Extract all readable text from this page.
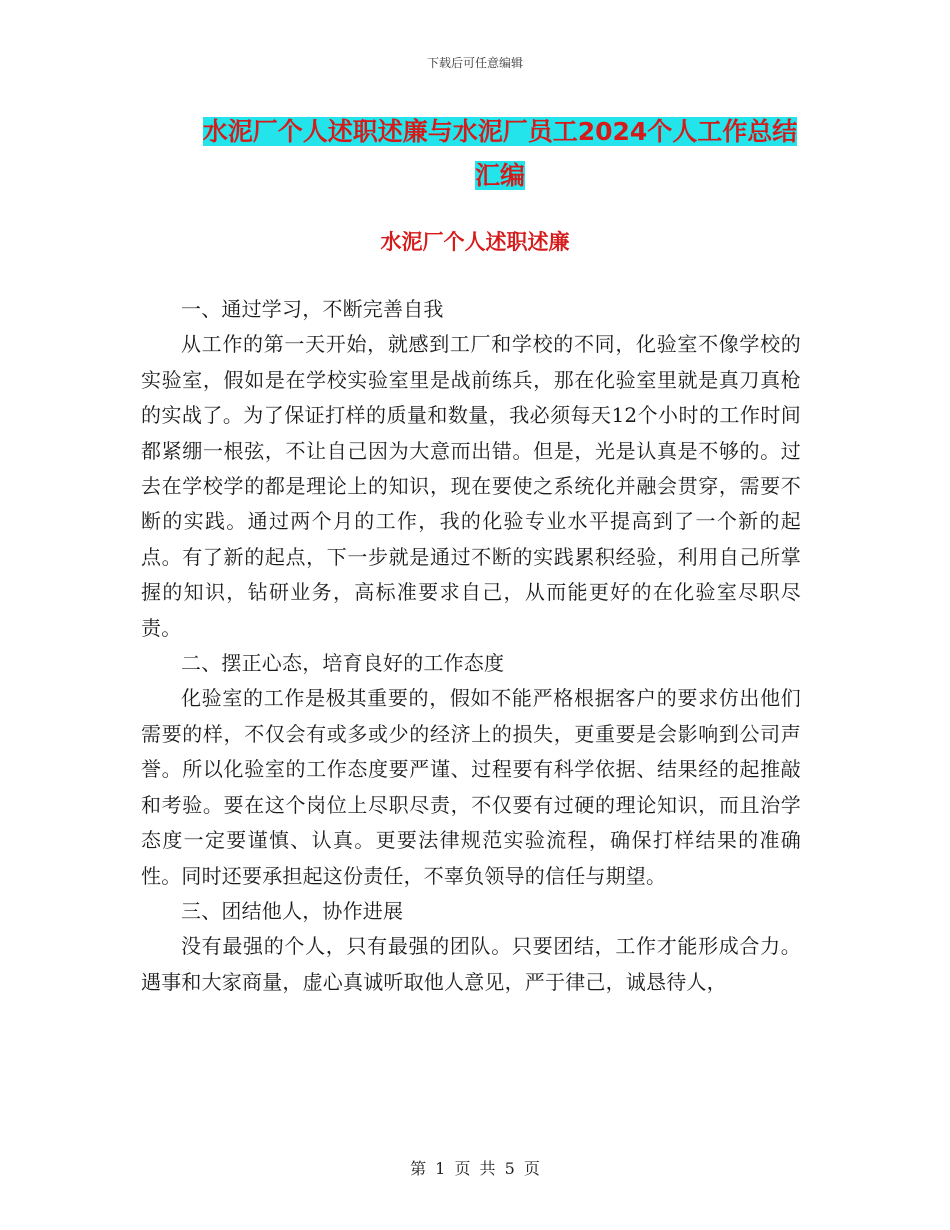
下载后可任意编辑
水泥厂个人述职述廉与水泥厂员工2024个人工作总结
汇编
水泥厂个人述职述廉

一、通过学习，不断完善自我

从工作的第一天开始，就感到工厂和学校的不同，化验室不像学校的实验室，假如是在学校实验室里是战前练兵，那在化验室里就是真刀真枪的实战了。为了保证打样的质量和数量，我必须每天12个小时的工作时间都紧绷一根弦，不让自己因为大意而出错。但是，光是认真是不够的。过去在学校学的都是理论上的知识，现在要使之系统化并融会贯穿，需要不断的实践。通过两个月的工作，我的化验专业水平提高到了一个新的起点。有了新的起点，下一步就是通过不断的实践累积经验，利用自己所掌握的知识，钻研业务，高标准要求自己，从而能更好的在化验室尽职尽责。

二、摆正心态，培育良好的工作态度

化验室的工作是极其重要的，假如不能严格根据客户的要求仿出他们需要的样，不仅会有或多或少的经济上的损失，更重要是会影响到公司声誉。所以化验室的工作态度要严谨、过程要有科学依据、结果经的起推敲和考验。要在这个岗位上尽职尽责，不仅要有过硬的理论知识，而且治学态度一定要谨慎、认真。更要法律规范实验流程，确保打样结果的准确性。同时还要承担起这份责任，不辜负领导的信任与期望。

三、团结他人，协作进展

没有最强的个人，只有最强的团队。只要团结，工作才能形成合力。遇事和大家商量，虚心真诚听取他人意见，严于律己，诚恳待人，

第 1 页 共 5 页
